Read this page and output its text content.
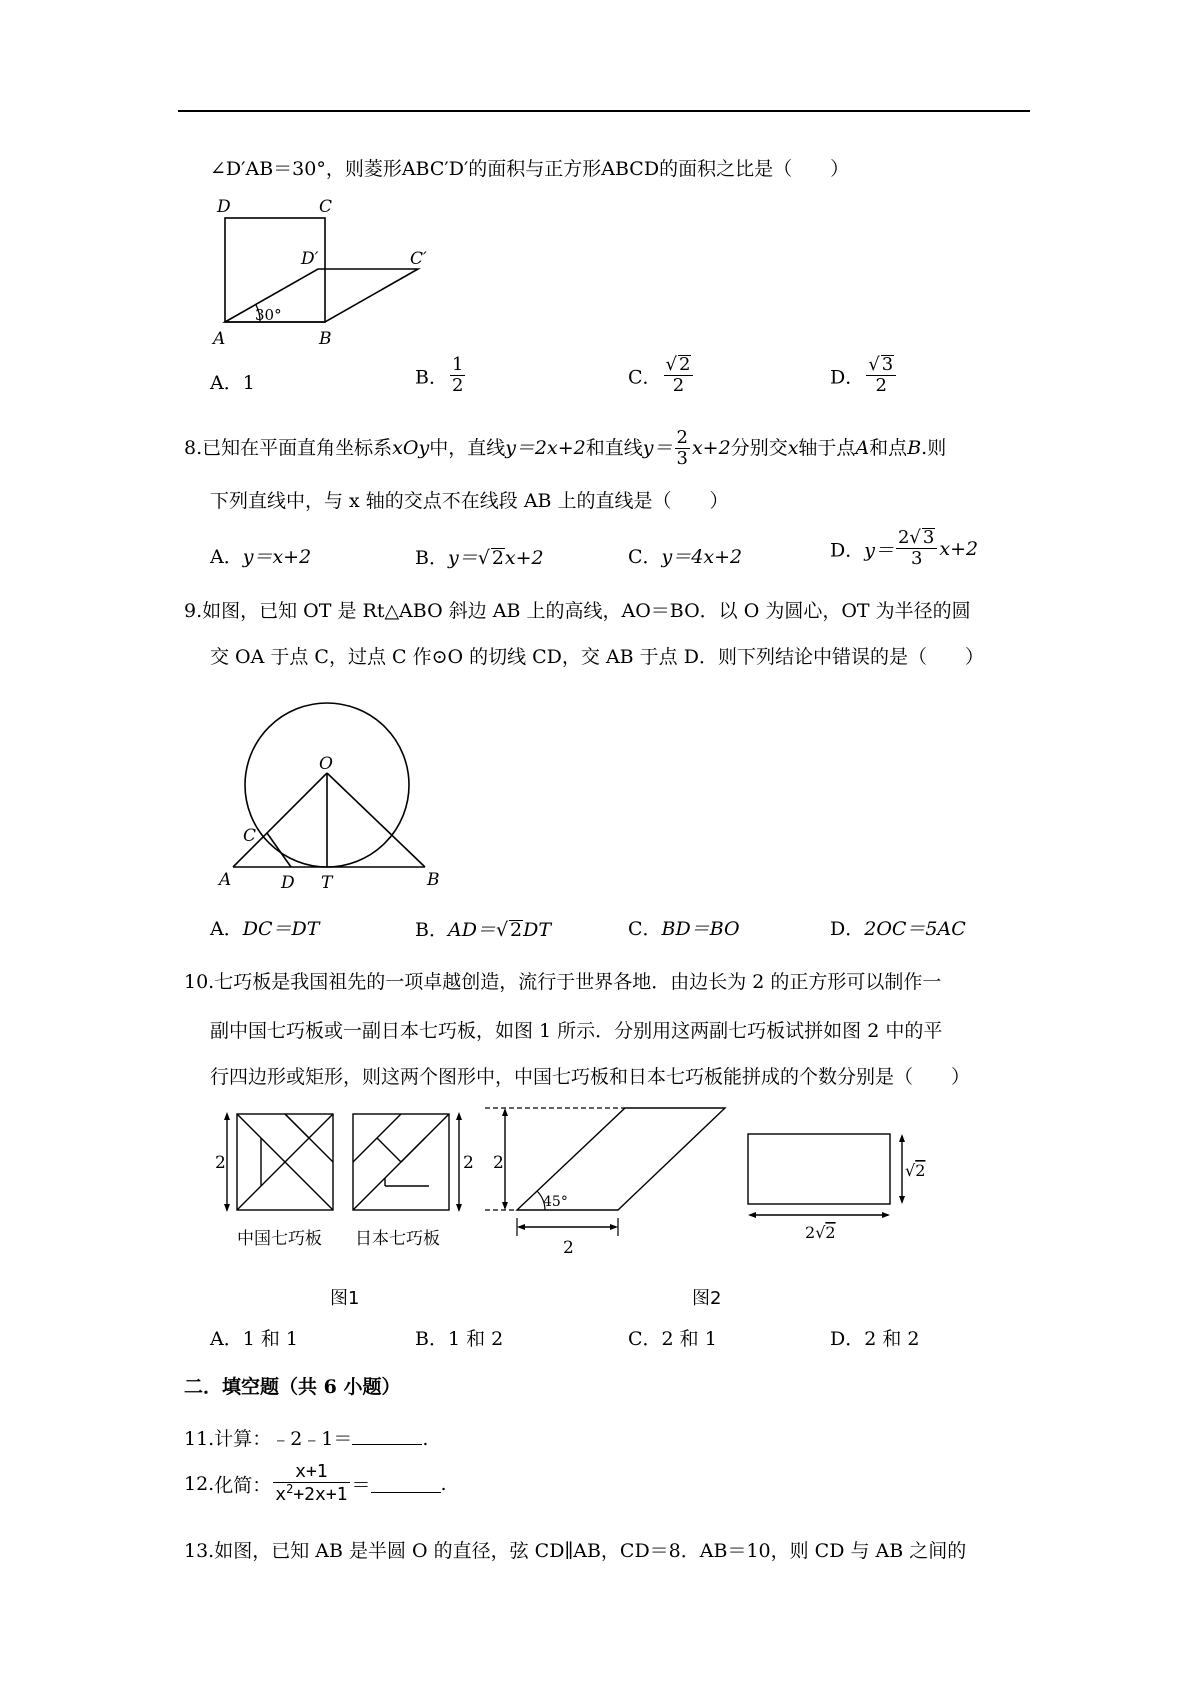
∠D′AB＝30°，则菱形ABC′D′的面积与正方形ABCD的面积之比是（　　）
D	C
D′	C′
A	B
30°
A．1	B． $\frac{1}{2}$	C． $\frac{√ 2}{2}$	D． $\frac{√ 3}{2}$
8.已知在平面直角坐标系xOy中，直线y＝2x+2和直线$y= \frac{2}{3} x+2$分别交x轴于点A和点B.则
下列直线中，与 x 轴的交点不在线段 AB 上的直线是（　　）
A．y＝x+2	B．y＝√ 2x+2	C．y＝4x+2	D．$y= \frac{2√ 3}{3} x+2$
9.如图，已知 OT 是 Rt△ABO 斜边 AB 上的高线，AO＝BO．以 O 为圆心，OT 为半径的圆
交 OA 于点 C，过点 C 作⊙O 的切线 CD，交 AB 于点 D．则下列结论中错误的是（　　）
O
C
A	D T	B
A．DC＝DT	B．AD＝√ 2DT	C．BD＝BO	D．2OC＝5AC
10.七巧板是我国祖先的一项卓越创造，流行于世界各地．由边长为 2 的正方形可以制作一
副中国七巧板或一副日本七巧板，如图 1 所示．分别用这两副七巧板试拼如图 2 中的平
行四边形或矩形，则这两个图形中，中国七巧板和日本七巧板能拼成的个数分别是（　　）
2
中国七巧板
2
日本七巧板
图1
2
45°
2
√2
2√2
图2
A．1 和 1	B．1 和 2	C．2 和 1	D．2 和 2
二．填空题（共 6 小题）
11.计算：﹣2﹣1＝	.
12.化简： $\frac{x+1}{x^2+2x+1}$ ＝	.
13.如图，已知 AB 是半圆 O 的直径，弦 CD∥AB，CD＝8．AB＝10，则 CD 与 AB 之间的
